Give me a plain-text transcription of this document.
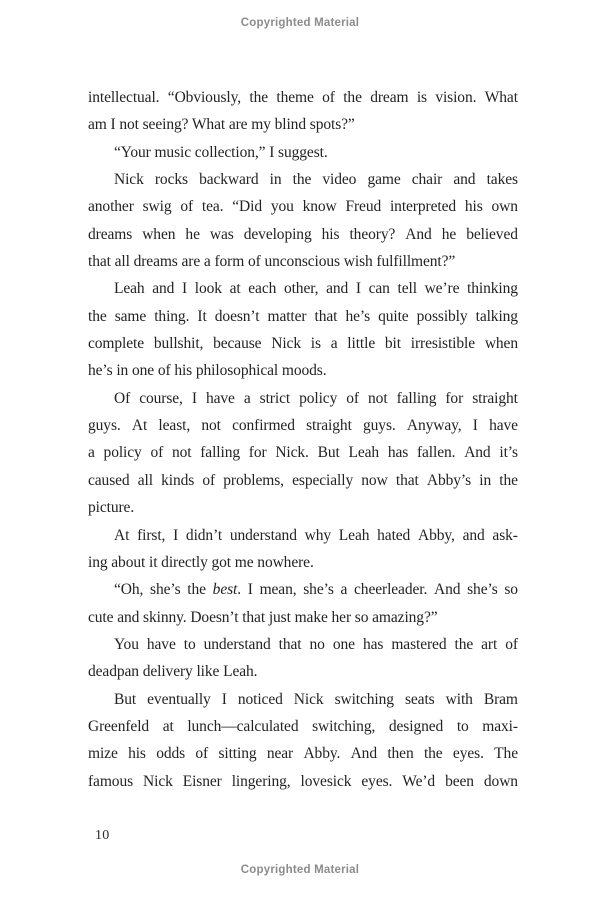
Copyrighted Material
intellectual. “Obviously, the theme of the dream is vision. What
am I not seeing? What are my blind spots?”
“Your music collection,” I suggest.
Nick rocks backward in the video game chair and takes
another swig of tea. “Did you know Freud interpreted his own
dreams when he was developing his theory? And he believed
that all dreams are a form of unconscious wish fulfillment?”
Leah and I look at each other, and I can tell we’re thinking
the same thing. It doesn’t matter that he’s quite possibly talking
complete bullshit, because Nick is a little bit irresistible when
he’s in one of his philosophical moods.
Of course, I have a strict policy of not falling for straight
guys. At least, not confirmed straight guys. Anyway, I have
a policy of not falling for Nick. But Leah has fallen. And it’s
caused all kinds of problems, especially now that Abby’s in the
picture.
At first, I didn’t understand why Leah hated Abby, and ask-
ing about it directly got me nowhere.
“Oh, she’s the best. I mean, she’s a cheerleader. And she’s so
cute and skinny. Doesn’t that just make her so amazing?”
You have to understand that no one has mastered the art of
deadpan delivery like Leah.
But eventually I noticed Nick switching seats with Bram
Greenfeld at lunch—calculated switching, designed to maxi-
mize his odds of sitting near Abby. And then the eyes. The
famous Nick Eisner lingering, lovesick eyes. We’d been down
10
Copyrighted Material
